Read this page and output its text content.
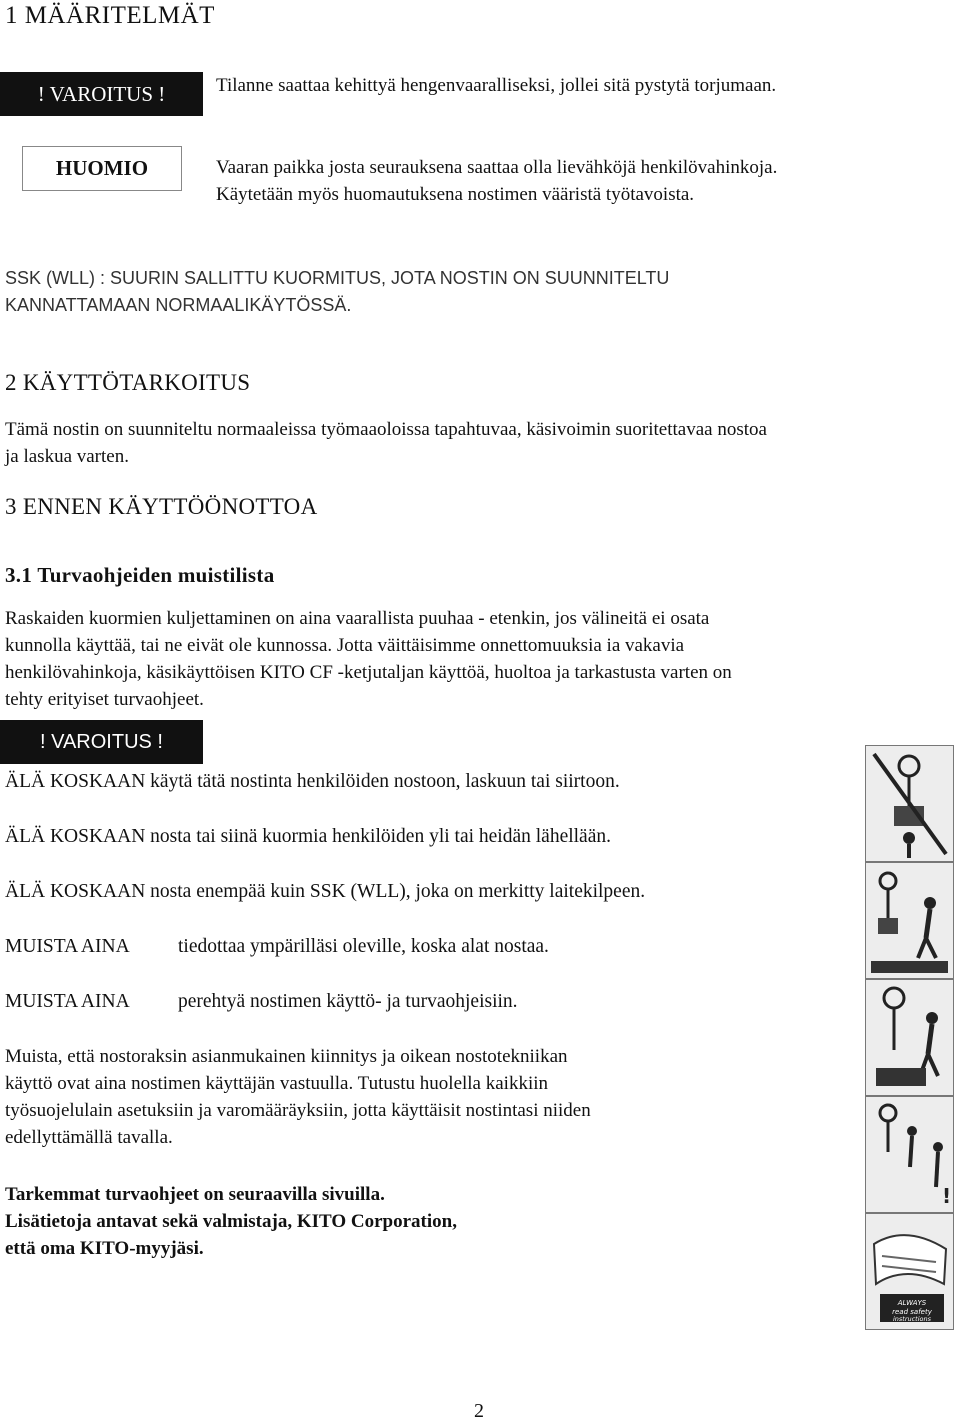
1 MÄÄRITELMÄT
! VAROITUS !	Tilanne saattaa kehittyä hengenvaaralliseksi, jollei sitä pystytä torjumaan.
HUOMIO	Vaaran paikka josta seurauksena saattaa olla lievähköjä henkilövahinkoja.
Käytetään myös huomautuksena nostimen vääristä työtavoista.
SSK (WLL) : SUURIN SALLITTU KUORMITUS, JOTA NOSTIN ON SUUNNITELTU
KANNATTAMAAN NORMAALIKÄYTÖSSÄ.
2 KÄYTTÖTARKOITUS
Tämä nostin on suunniteltu normaaleissa työmaaoloissa tapahtuvaa, käsivoimin suoritettavaa nostoa
ja laskua varten.
3 ENNEN KÄYTTÖÖNOTTOA
3.1 Turvaohjeiden muistilista
Raskaiden kuormien kuljettaminen on aina vaarallista puuhaa - etenkin, jos välineitä ei osata
kunnolla käyttää, tai ne eivät ole kunnossa. Jotta väittäisimme onnettomuuksia ia vakavia
henkilövahinkoja, käsikäyttöisen KITO CF -ketjutaljan käyttöä, huoltoa ja tarkastusta varten on
tehty erityiset turvaohjeet.
! VAROITUS !
ÄLÄ KOSKAAN käytä tätä nostinta henkilöiden nostoon, laskuun tai siirtoon.
ÄLÄ KOSKAAN nosta tai siinä kuormia henkilöiden yli tai heidän lähellään.
ÄLÄ KOSKAAN nosta enempää kuin SSK (WLL), joka on merkitty laitekilpeen.
MUISTA AINA tiedottaa ympärilläsi oleville, koska alat nostaa.
MUISTA AINA perehtyä nostimen käyttö- ja turvaohjeisiin.
Muista, että nostoraksin asianmukainen kiinnitys ja oikean nostotekniikan
käyttö ovat aina nostimen käyttäjän vastuulla. Tutustu huolella kaikkiin
työsuojelulain asetuksiin ja varomääräyksiin, jotta käyttäisit nostintasi niiden
edellyttämällä tavalla.
Tarkemmat turvaohjeet on seuraavilla sivuilla.
Lisätietoja antavat sekä valmistaja, KITO Corporation,
että oma KITO-myyjäsi.
!
ALWAYS
read safety
instructions
2
